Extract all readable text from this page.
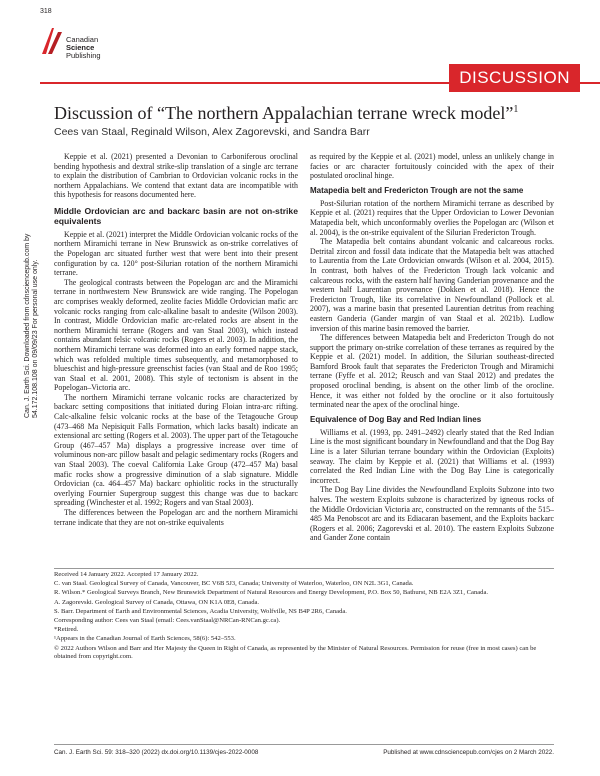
318
Canadian
Science
Publishing
DISCUSSION
Can. J. Earth Sci. Downloaded from cdnsciencepub.com by 54.172.108.108 on 09/09/23 For personal use only.
Discussion of “The northern Appalachian terrane wreck model”$^1$
Cees van Staal, Reginald Wilson, Alex Zagorevski, and Sandra Barr

Keppie et al. (2021) presented a Devonian to Carboniferous oroclinal bending hypothesis and dextral strike-slip translation of a single arc terrane to explain the distribution of Cambrian to Ordovician volcanic rocks in the northern Appalachians. We contend that extant data are incompatible with this hypothesis for reasons documented here.

Middle Ordovician arc and backarc basin are not on-strike equivalents

Keppie et al. (2021) interpret the Middle Ordovician volcanic rocks of the northern Miramichi terrane in New Brunswick as on-strike correlatives of the Popelogan arc situated further west that were bent into their present configuration by ca. 120° post-Silurian rotation of the northern Miramichi terrane.

The geological contrasts between the Popelogan arc and the Miramichi terrane in northwestern New Brunswick are wide ranging. The Popelogan arc comprises weakly deformed, zeolite facies Middle Ordovician mafic arc volcanic rocks ranging from calc-alkaline basalt to andesite (Wilson 2003). In contrast, Middle Ordovician mafic arc-related rocks are absent in the northern Miramichi terrane (Rogers and van Staal 2003), which instead contains abundant felsic volcanic rocks (Rogers et al. 2003). In addition, the northern Miramichi terrane was deformed into an early formed nappe stack, which was refolded multiple times subsequently, and metamorphosed to blueschist and high-pressure greenschist facies (van Staal and de Roo 1995; van Staal et al. 2001, 2008). This style of tectonism is absent in the Popelogan–Victoria arc.

The northern Miramichi terrane volcanic rocks are characterized by backarc setting compositions that initiated during Floian intra-arc rifting. Calc-alkaline felsic volcanic rocks at the base of the Tetagouche Group (473–468 Ma Nepisiquit Falls Formation, which lacks basalt) indicate an extensional arc setting (Rogers et al. 2003). The upper part of the Tetagouche Group (467–457 Ma) displays a progressive increase over time of voluminous non-arc pillow basalt and pelagic sedimentary rocks (Rogers and van Staal 2003). The coeval California Lake Group (472–457 Ma) basal mafic rocks show a progressive diminution of a slab signature. Middle Ordovician (ca. 464–457 Ma) backarc ophiolitic rocks in the structurally overlying Fournier Supergroup suggest this change was due to backarc spreading (Winchester et al. 1992; Rogers and van Staal 2003).

The differences between the Popelogan arc and the northern Miramichi terrane indicate that they are not on-strike equivalents

as required by the Keppie et al. (2021) model, unless an unlikely change in facies or arc character fortuitously coincided with the apex of their postulated oroclinal hinge.

Matapedia belt and Fredericton Trough are not the same

Post-Silurian rotation of the northern Miramichi terrane as described by Keppie et al. (2021) requires that the Upper Ordovician to Lower Devonian Matapedia belt, which unconformably overlies the Popelogan arc (Wilson et al. 2004), is the on-strike equivalent of the Silurian Fredericton Trough.

The Matapedia belt contains abundant volcanic and calcareous rocks. Detrital zircon and fossil data indicate that the Matapedia belt was attached to Laurentia from the Late Ordovician onwards (Wilson et al. 2004, 2015). In contrast, both halves of the Fredericton Trough lack volcanic and calcareous rocks, with the eastern half having Ganderian provenance and the western half Laurentian provenance (Dokken et al. 2018). Hence the Fredericton Trough, like its correlative in Newfoundland (Pollock et al. 2007), was a marine basin that presented Laurentian detritus from reaching eastern Ganderia (Gander margin of van Staal et al. 2021b). Ludlow inversion of this marine basin removed the barrier.

The differences between Matapedia belt and Fredericton Trough do not support the primary on-strike correlation of these terranes as required by the Keppie et al. (2021) model. In addition, the Silurian southeast-directed Bamford Brook fault that separates the Fredericton Trough and Miramichi terrane (Fyffe et al. 2012; Reusch and van Staal 2012) and predates the proposed oroclinal bending, is absent on the other limb of the orocline. Hence, it was either not folded by the orocline or it also fortuitously terminated near the apex of the oroclinal hinge.

Equivalence of Dog Bay and Red Indian lines

Williams et al. (1993, pp. 2491–2492) clearly stated that the Red Indian Line is the most significant boundary in Newfoundland and that the Dog Bay Line is a later Silurian terrane boundary within the Ordovician (Exploits) seaway. The claim by Keppie et al. (2021) that Williams et al. (1993) correlated the Red Indian Line with the Dog Bay Line is categorically incorrect.

The Dog Bay Line divides the Newfoundland Exploits Subzone into two halves. The western Exploits subzone is characterized by igneous rocks of the Middle Ordovician Victoria arc, constructed on the remnants of the 515–485 Ma Penobscot arc and its Ediacaran basement, and the Exploits backarc (Rogers et al. 2006; Zagorevski et al. 2010). The eastern Exploits Subzone and Gander Zone contain

Received 14 January 2022. Accepted 17 January 2022.
C. van Staal. Geological Survey of Canada, Vancouver, BC V6B 5J3, Canada; University of Waterloo, Waterloo, ON N2L 3G1, Canada.
R. Wilson.* Geological Surveys Branch, New Brunswick Department of Natural Resources and Energy Development, P.O. Box 50, Bathurst, NB E2A 3Z1, Canada.
A. Zagorevski. Geological Survey of Canada, Ottawa, ON K1A 0E8, Canada.
S. Barr. Department of Earth and Environmental Sciences, Acadia University, Wolfville, NS B4P 2R6, Canada.
Corresponding author: Cees van Staal (email: Cees.vanStaal@NRCan-RNCan.gc.ca).
*Retired.
¹Appears in the Canadian Journal of Earth Sciences, 58(6): 542–553.
© 2022 Authors Wilson and Barr and Her Majesty the Queen in Right of Canada, as represented by the Minister of Natural Resources. Permission for reuse (free in most cases) can be obtained from copyright.com.
Can. J. Earth Sci. 59: 318–320 (2022) dx.doi.org/10.1139/cjes-2022-0008	Published at www.cdnsciencepub.com/cjes on 2 March 2022.
